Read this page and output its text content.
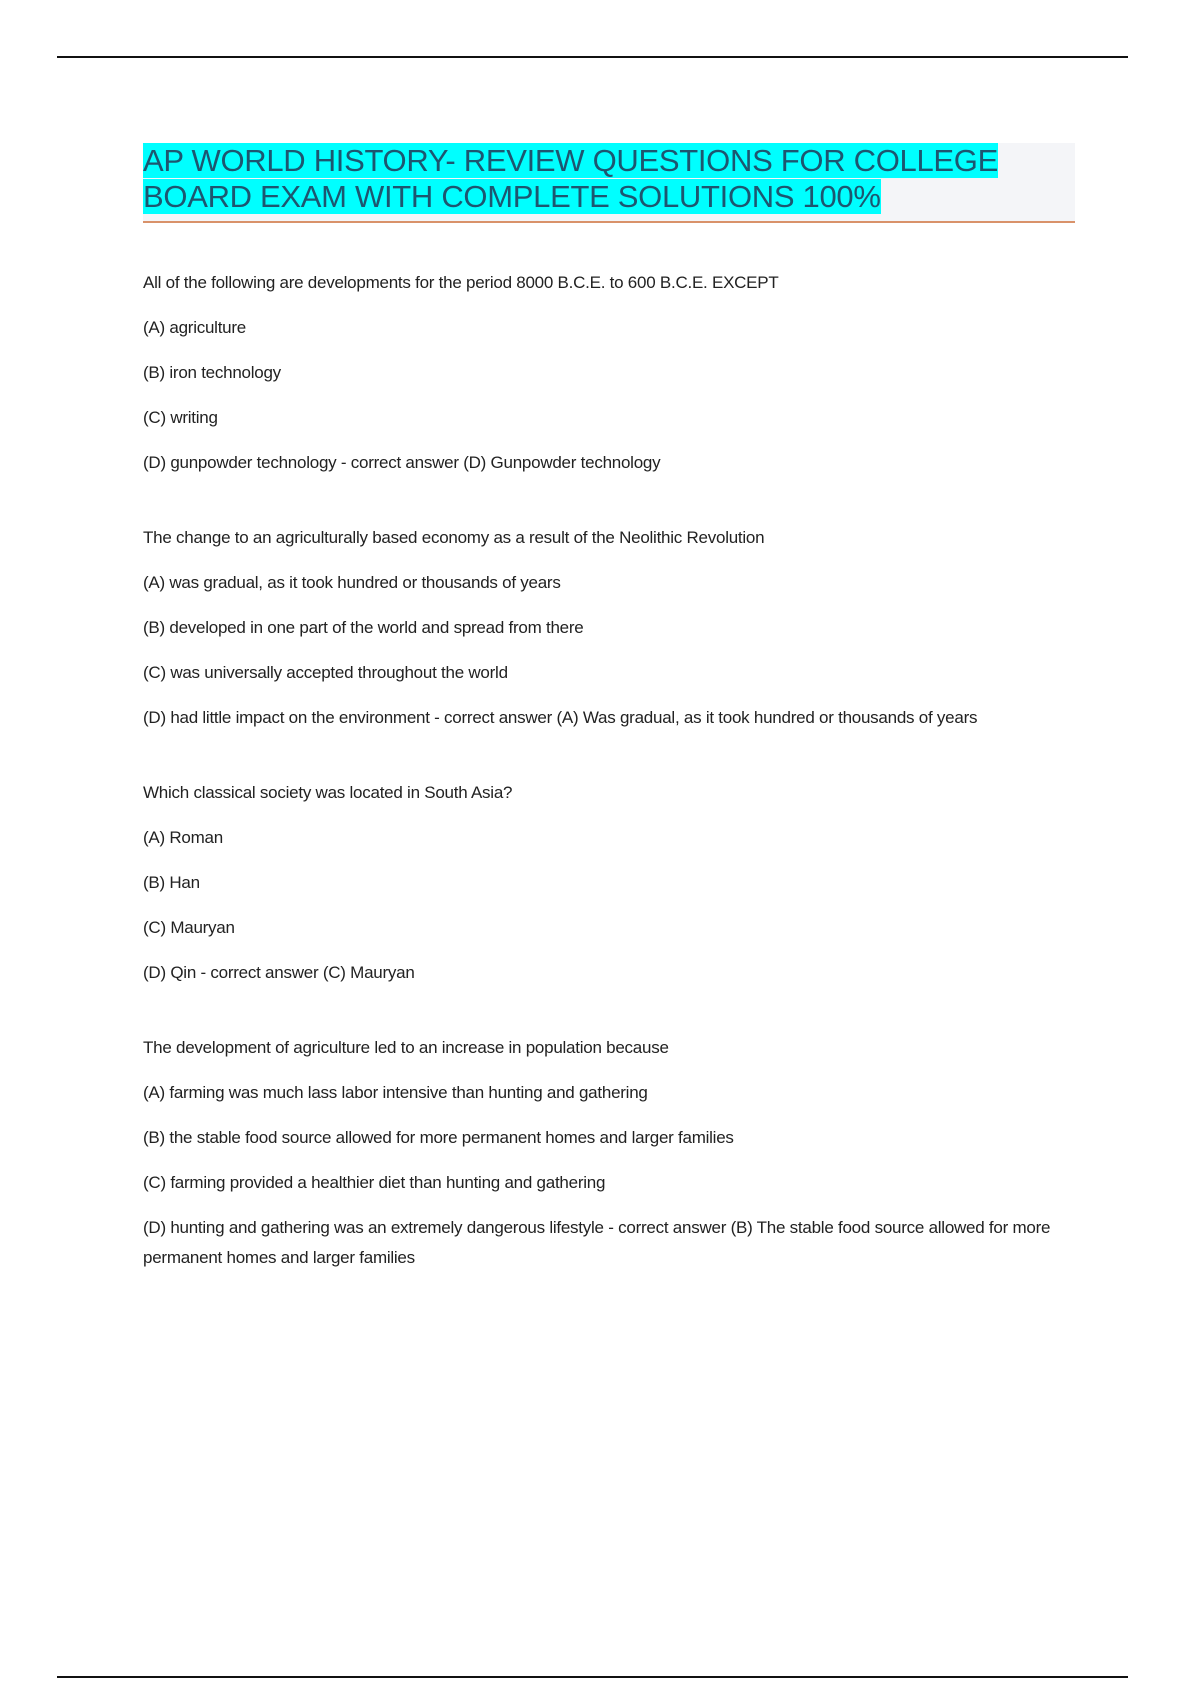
AP WORLD HISTORY- REVIEW QUESTIONS FOR COLLEGE
BOARD EXAM WITH COMPLETE SOLUTIONS 100%

All of the following are developments for the period 8000 B.C.E. to 600 B.C.E. EXCEPT

(A) agriculture

(B) iron technology

(C) writing

(D) gunpowder technology - correct answer (D) Gunpowder technology

The change to an agriculturally based economy as a result of the Neolithic Revolution

(A) was gradual, as it took hundred or thousands of years

(B) developed in one part of the world and spread from there

(C) was universally accepted throughout the world

(D) had little impact on the environment - correct answer (A) Was gradual, as it took hundred or thousands of years

Which classical society was located in South Asia?

(A) Roman

(B) Han

(C) Mauryan

(D) Qin - correct answer (C) Mauryan

The development of agriculture led to an increase in population because

(A) farming was much lass labor intensive than hunting and gathering

(B) the stable food source allowed for more permanent homes and larger families

(C) farming provided a healthier diet than hunting and gathering

(D) hunting and gathering was an extremely dangerous lifestyle - correct answer (B) The stable food source allowed for more permanent homes and larger families
